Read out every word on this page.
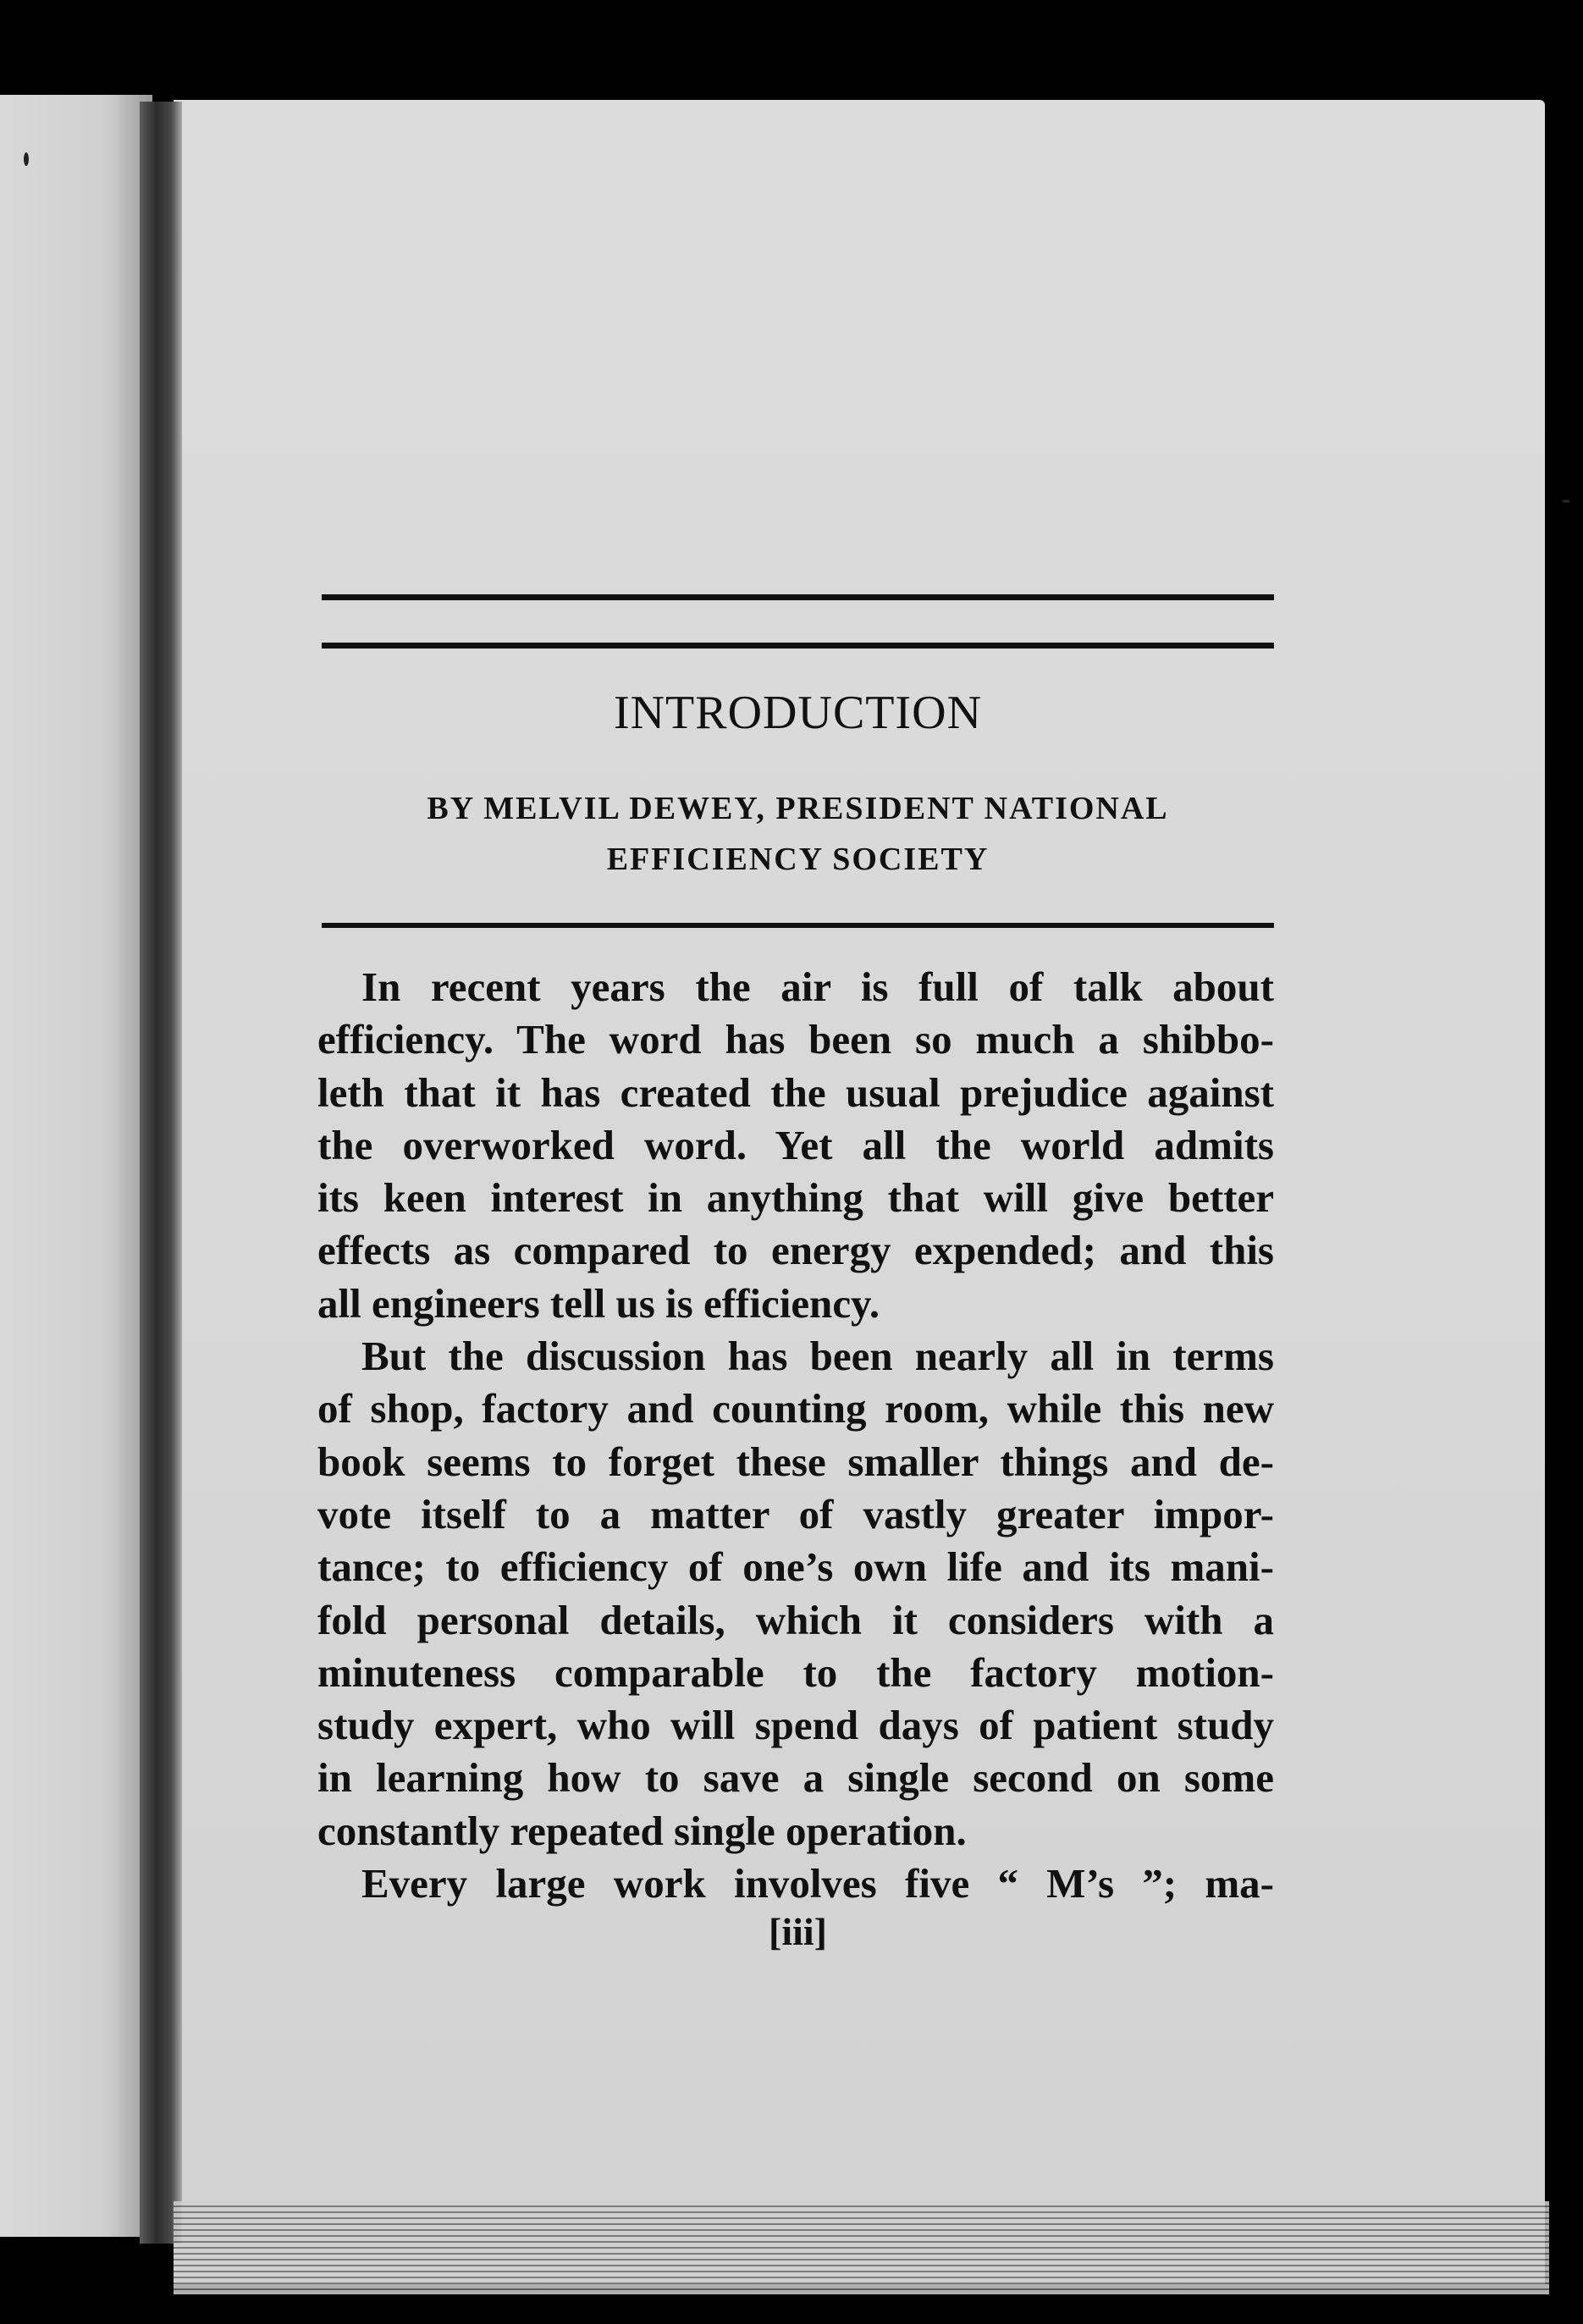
INTRODUCTION
BY MELVIL DEWEY, PRESIDENT NATIONAL
EFFICIENCY SOCIETY
In recent years the air is full of talk about
efficiency. The word has been so much a shibbo-
leth that it has created the usual prejudice against
the overworked word. Yet all the world admits
its keen interest in anything that will give better
effects as compared to energy expended; and this
all engineers tell us is efficiency.
But the discussion has been nearly all in terms
of shop, factory and counting room, while this new
book seems to forget these smaller things and de-
vote itself to a matter of vastly greater impor-
tance; to efficiency of one’s own life and its mani-
fold personal details, which it considers with a
minuteness comparable to the factory motion-
study expert, who will spend days of patient study
in learning how to save a single second on some
constantly repeated single operation.
Every large work involves five “ M’s ”; ma-
[iii]
